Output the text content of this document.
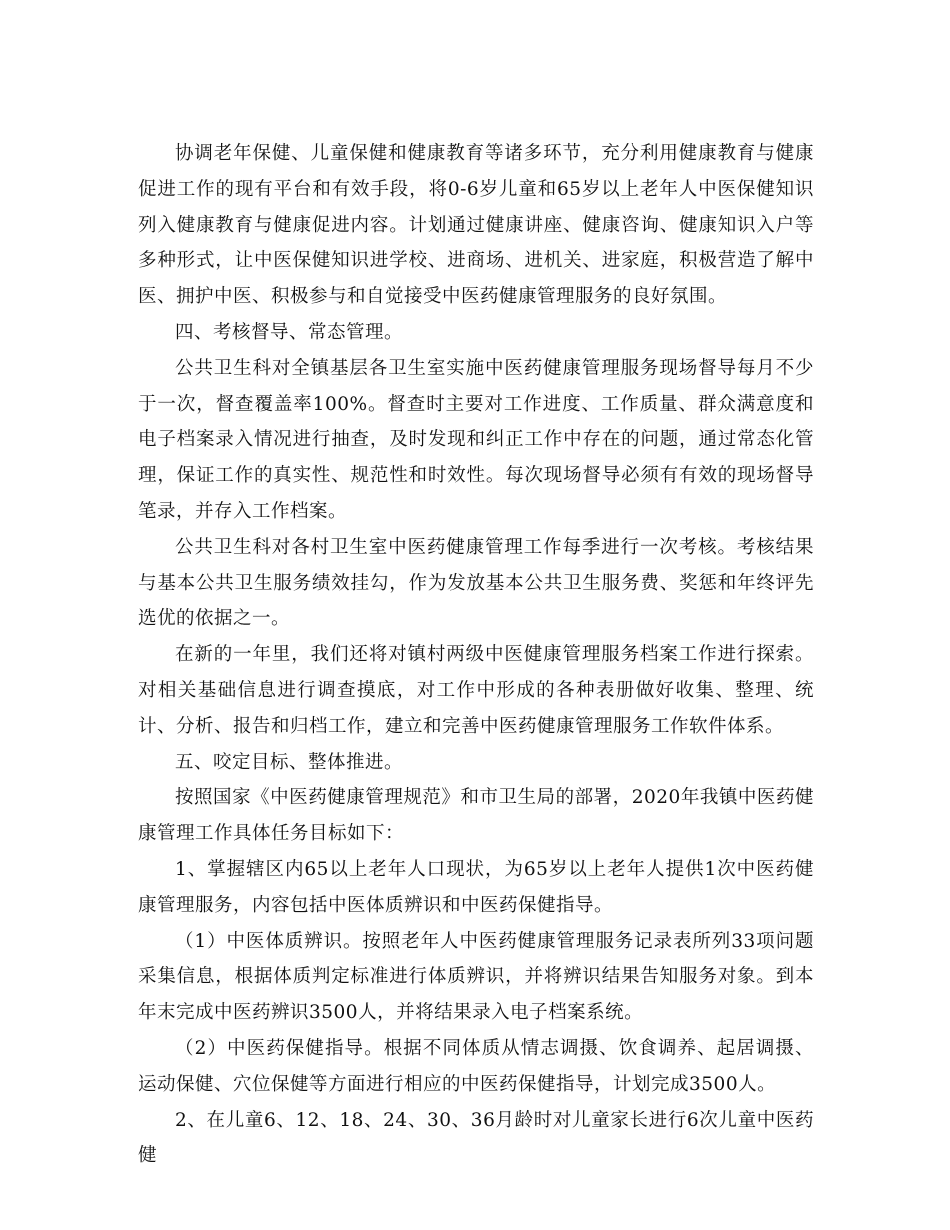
协调老年保健、儿童保健和健康教育等诸多环节，充分利用健康教育与健康促进工作的现有平台和有效手段，将0-6岁儿童和65岁以上老年人中医保健知识列入健康教育与健康促进内容。计划通过健康讲座、健康咨询、健康知识入户等多种形式，让中医保健知识进学校、进商场、进机关、进家庭，积极营造了解中医、拥护中医、积极参与和自觉接受中医药健康管理服务的良好氛围。

四、考核督导、常态管理。

公共卫生科对全镇基层各卫生室实施中医药健康管理服务现场督导每月不少于一次，督查覆盖率100%。督查时主要对工作进度、工作质量、群众满意度和电子档案录入情况进行抽查，及时发现和纠正工作中存在的问题，通过常态化管理，保证工作的真实性、规范性和时效性。每次现场督导必须有有效的现场督导笔录，并存入工作档案。

公共卫生科对各村卫生室中医药健康管理工作每季进行一次考核。考核结果与基本公共卫生服务绩效挂勾，作为发放基本公共卫生服务费、奖惩和年终评先选优的依据之一。

在新的一年里，我们还将对镇村两级中医健康管理服务档案工作进行探索。对相关基础信息进行调查摸底，对工作中形成的各种表册做好收集、整理、统计、分析、报告和归档工作，建立和完善中医药健康管理服务工作软件体系。

五、咬定目标、整体推进。

按照国家《中医药健康管理规范》和市卫生局的部署，2020年我镇中医药健康管理工作具体任务目标如下：

1、掌握辖区内65以上老年人口现状，为65岁以上老年人提供1次中医药健康管理服务，内容包括中医体质辨识和中医药保健指导。

（1）中医体质辨识。按照老年人中医药健康管理服务记录表所列33项问题采集信息，根据体质判定标准进行体质辨识，并将辨识结果告知服务对象。到本年末完成中医药辨识3500人，并将结果录入电子档案系统。

（2）中医药保健指导。根据不同体质从情志调摄、饮食调养、起居调摄、运动保健、穴位保健等方面进行相应的中医药保健指导，计划完成3500人。

2、在儿童6、12、18、24、30、36月龄时对儿童家长进行6次儿童中医药健
